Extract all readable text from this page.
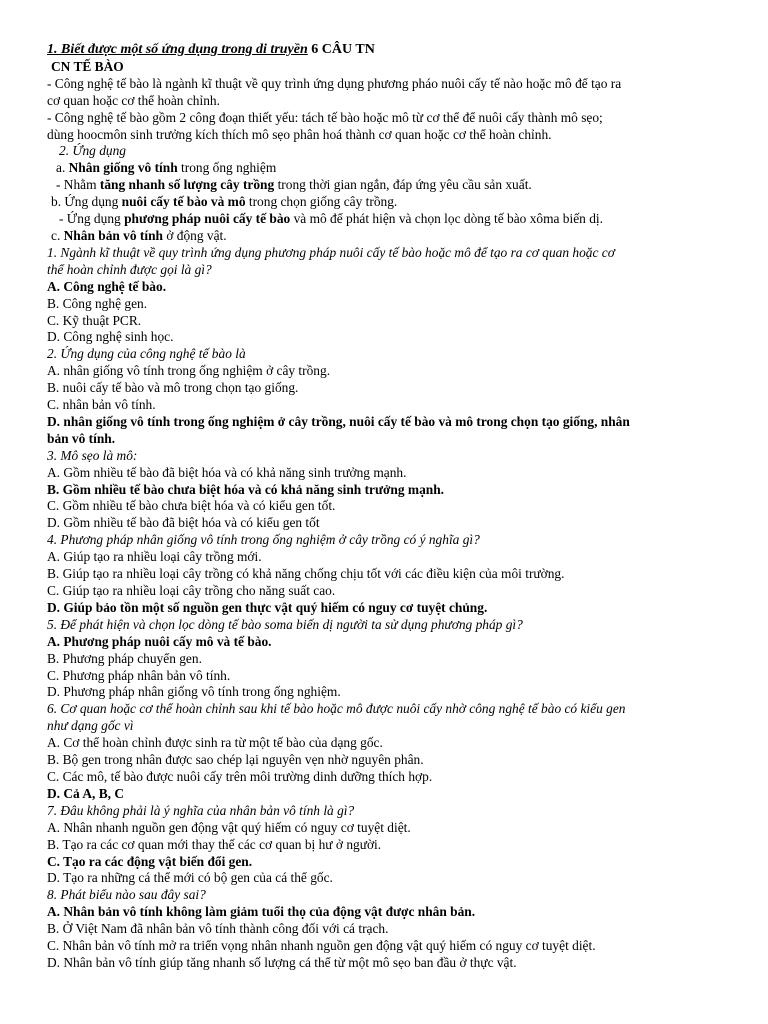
1. Biết được một số ứng dụng trong di truyền 6 CÂU TN
CN TẾ BÀO
- Công nghệ tế bào là ngành kĩ thuật về quy trình ứng dụng phương pháo nuôi cấy tế nào hoặc mô để tạo ra
cơ quan hoặc cơ thể hoàn chỉnh.
- Công nghệ tế bào gồm 2 công đoạn thiết yếu: tách tế bào hoặc mô từ cơ thể để nuôi cấy thành mô sẹo;
dùng hoocmôn sinh trưởng kích thích mô sẹo phân hoá thành cơ quan hoặc cơ thể hoàn chỉnh.
2. Ứng dụng
a. Nhân giống vô tính trong ống nghiệm
- Nhằm tăng nhanh số lượng cây trồng trong thời gian ngắn, đáp ứng yêu cầu sản xuất.
b. Ứng dụng nuôi cấy tế bào và mô trong chọn giống cây trồng.
- Ứng dụng phương pháp nuôi cấy tế bào và mô để phát hiện và chọn lọc dòng tế bào xôma biến dị.
c. Nhân bản vô tính ở động vật.
1. Ngành kĩ thuật về quy trình ứng dụng phương pháp nuôi cấy tế bào hoặc mô để tạo ra cơ quan hoặc cơ
thể hoàn chỉnh được gọi là gì?
A. Công nghệ tế bào.
B. Công nghệ gen.
C. Kỹ thuật PCR.
D. Công nghệ sinh học.
2. Ứng dụng của công nghệ tế bào là
A. nhân giống vô tính trong ống nghiệm ở cây trồng.
B. nuôi cấy tế bào và mô trong chọn tạo giống.
C. nhân bản vô tính.
D. nhân giống vô tính trong ống nghiệm ở cây trồng, nuôi cấy tế bào và mô trong chọn tạo giống, nhân
bản vô tính.
3. Mô sẹo là mô:
A. Gồm nhiều tế bào đã biệt hóa và có khả năng sinh trưởng mạnh.
B. Gồm nhiều tế bào chưa biệt hóa và có khả năng sinh trưởng mạnh.
C. Gồm nhiều tế bào chưa biệt hóa và có kiểu gen tốt.
D. Gồm nhiều tế bào đã biệt hóa và có kiểu gen tốt
4. Phương pháp nhân giống vô tính trong ống nghiệm ở cây trồng có ý nghĩa gì?
A. Giúp tạo ra nhiều loại cây trồng mới.
B. Giúp tạo ra nhiều loại cây trồng có khả năng chống chịu tốt với các điều kiện của môi trường.
C. Giúp tạo ra nhiều loại cây trồng cho năng suất cao.
D. Giúp bảo tồn một số nguồn gen thực vật quý hiếm có nguy cơ tuyệt chủng.
5. Để phát hiện và chọn lọc dòng tế bào soma biến dị người ta sử dụng phương pháp gì?
A. Phương pháp nuôi cấy mô và tế bào.
B. Phương pháp chuyển gen.
C. Phương pháp nhân bản vô tính.
D. Phương pháp nhân giống vô tính trong ống nghiệm.
6. Cơ quan hoặc cơ thể hoàn chỉnh sau khi tế bào hoặc mô được nuôi cấy nhờ công nghệ tế bào có kiểu gen
như dạng gốc vì
A. Cơ thể hoàn chỉnh được sinh ra từ một tế bào của dạng gốc.
B. Bộ gen trong nhân được sao chép lại nguyên vẹn nhờ nguyên phân.
C. Các mô, tế bào được nuôi cấy trên môi trường dinh dưỡng thích hợp.
D. Cả A, B, C
7. Đâu không phải là ý nghĩa của nhân bản vô tính là gì?
A. Nhân nhanh nguồn gen động vật quý hiếm có nguy cơ tuyệt diệt.
B. Tạo ra các cơ quan mới thay thế các cơ quan bị hư ở người.
C. Tạo ra các động vật biến đổi gen.
D. Tạo ra những cá thể mới có bộ gen của cá thể gốc.
8. Phát biểu nào sau đây sai?
A. Nhân bản vô tính không làm giảm tuổi thọ của động vật được nhân bản.
B. Ở Việt Nam đã nhân bản vô tính thành công đối với cá trạch.
C. Nhân bản vô tính mở ra triển vọng nhân nhanh nguồn gen động vật quý hiếm có nguy cơ tuyệt diệt.
D. Nhân bản vô tính giúp tăng nhanh số lượng cá thể từ một mô sẹo ban đầu ở thực vật.
